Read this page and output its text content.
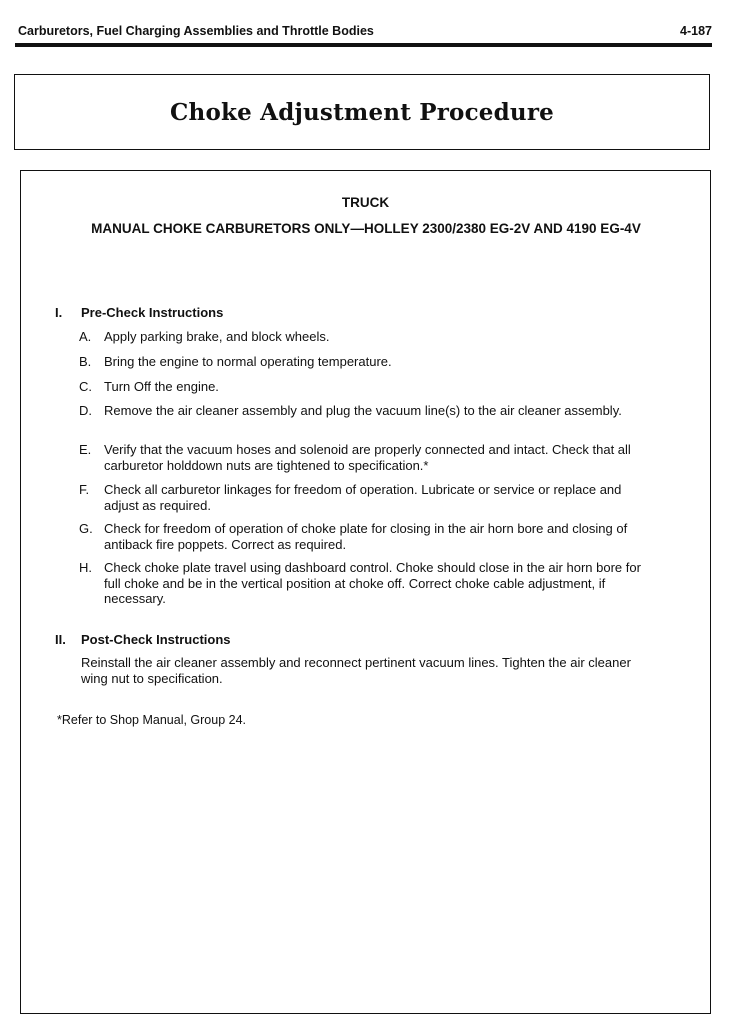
Carburetors, Fuel Charging Assemblies and Throttle Bodies	4-187
Choke Adjustment Procedure
TRUCK
MANUAL CHOKE CARBURETORS ONLY—HOLLEY 2300/2380 EG-2V AND 4190 EG-4V
I. Pre-Check Instructions
A. Apply parking brake, and block wheels.
B. Bring the engine to normal operating temperature.
C. Turn Off the engine.
D. Remove the air cleaner assembly and plug the vacuum line(s) to the air cleaner assembly.
E. Verify that the vacuum hoses and solenoid are properly connected and intact. Check that all carburetor holddown nuts are tightened to specification.*
F. Check all carburetor linkages for freedom of operation. Lubricate or service or replace and adjust as required.
G. Check for freedom of operation of choke plate for closing in the air horn bore and closing of antiback fire poppets. Correct as required.
H. Check choke plate travel using dashboard control. Choke should close in the air horn bore for full choke and be in the vertical position at choke off. Correct choke cable adjustment, if necessary.
II. Post-Check Instructions
Reinstall the air cleaner assembly and reconnect pertinent vacuum lines. Tighten the air cleaner wing nut to specification.
*Refer to Shop Manual, Group 24.
